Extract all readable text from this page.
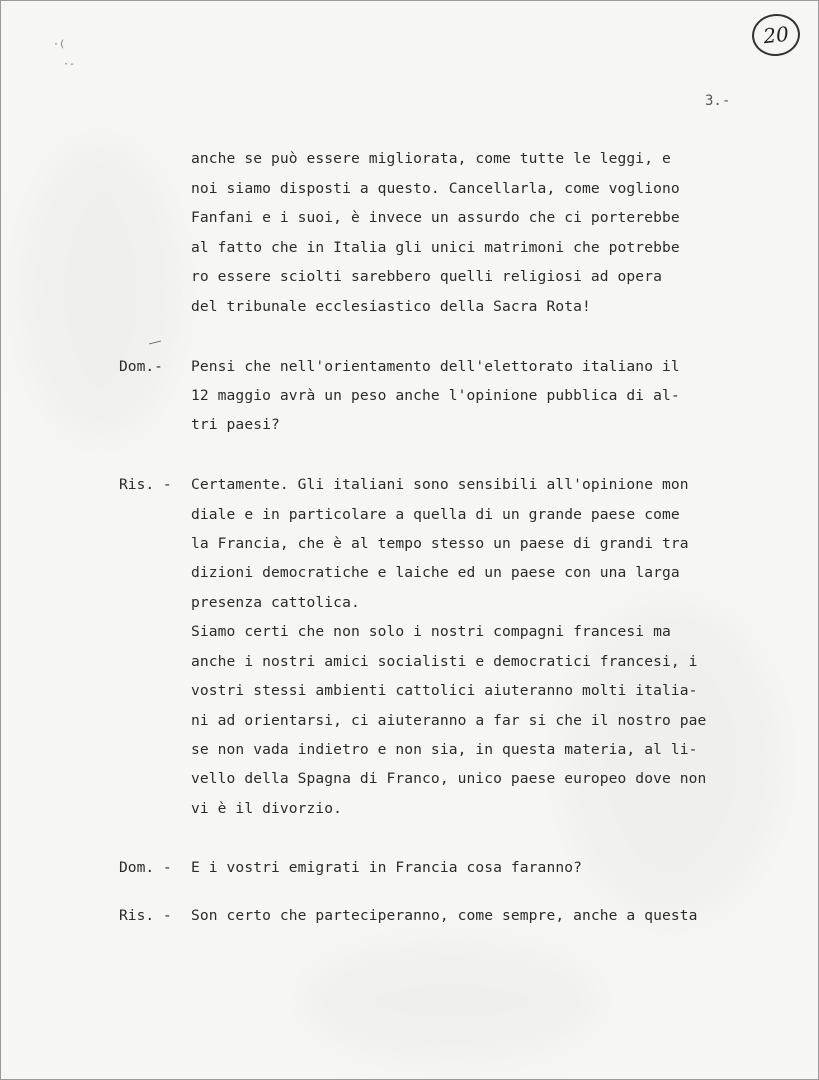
20
3.-
·(
·-
anche se può essere migliorata, come tutte le leggi, e
noi siamo disposti a questo. Cancellarla, come vogliono
Fanfani e i suoi, è invece un assurdo che ci porterebbe
al fatto che in Italia gli unici matrimoni che potrebbe
ro essere sciolti sarebbero quelli religiosi ad opera
del tribunale ecclesiastico della Sacra Rota!
Dom.- Pensi che nell'orientamento dell'elettorato italiano il
12 maggio avrà un peso anche l'opinione pubblica di al-
tri paesi?
Ris. - Certamente. Gli italiani sono sensibili all'opinione mon
diale e in particolare a quella di un grande paese come
la Francia, che è al tempo stesso un paese di grandi tra
dizioni democratiche e laiche ed un paese con una larga
presenza cattolica.
Siamo certi che non solo i nostri compagni francesi ma
anche i nostri amici socialisti e democratici francesi, i
vostri stessi ambienti cattolici aiuteranno molti italia-
ni ad orientarsi, ci aiuteranno a far si che il nostro pae
se non vada indietro e non sia, in questa materia, al li-
vello della Spagna di Franco, unico paese europeo dove non
vi è il divorzio.
Dom. - E i vostri emigrati in Francia cosa faranno?
Ris. - Son certo che parteciperanno, come sempre, anche a questa
